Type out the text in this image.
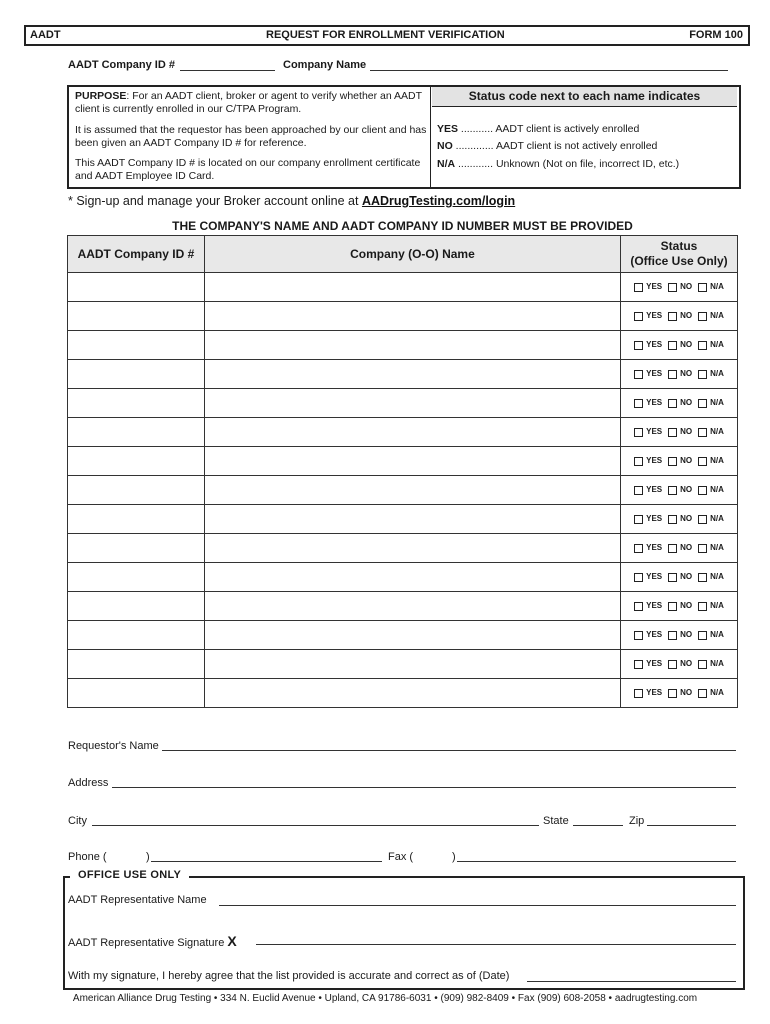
AADT	REQUEST FOR ENROLLMENT VERIFICATION	FORM 100
AADT Company ID #	Company Name

PURPOSE: For an AADT client, broker or agent to verify whether an AADT client is currently enrolled in our C/TPA Program.

It is assumed that the requestor has been approached by our client and has been given an AADT Company ID # for reference.

This AADT Company ID # is located on our company enrollment certificate and AADT Employee ID Card.

Status code next to each name indicates
YES ........... AADT client is actively enrolled
NO ............. AADT client is not actively enrolled
N/A ............ Unknown (Not on file, incorrect ID, etc.)
* Sign-up and manage your Broker account online at AADrugTesting.com/login
THE COMPANY'S NAME AND AADT COMPANY ID NUMBER MUST BE PROVIDED
AADT Company ID #	Company (O-O) Name	Status
(Office Use Only)

		YES NO N/A
		YES NO N/A
		YES NO N/A
		YES NO N/A
		YES NO N/A
		YES NO N/A
		YES NO N/A
		YES NO N/A
		YES NO N/A
		YES NO N/A
		YES NO N/A
		YES NO N/A
		YES NO N/A
		YES NO N/A
		YES NO N/A
Requestor's Name
Address
City	State	Zip
Phone (	)	Fax (	)
OFFICE USE ONLY
AADT Representative Name
AADT Representative Signature X
With my signature, I hereby agree that the list provided is accurate and correct as of (Date)
American Alliance Drug Testing • 334 N. Euclid Avenue • Upland, CA 91786-6031 • (909) 982-8409 • Fax (909) 608-2058 • aadrugtesting.com
